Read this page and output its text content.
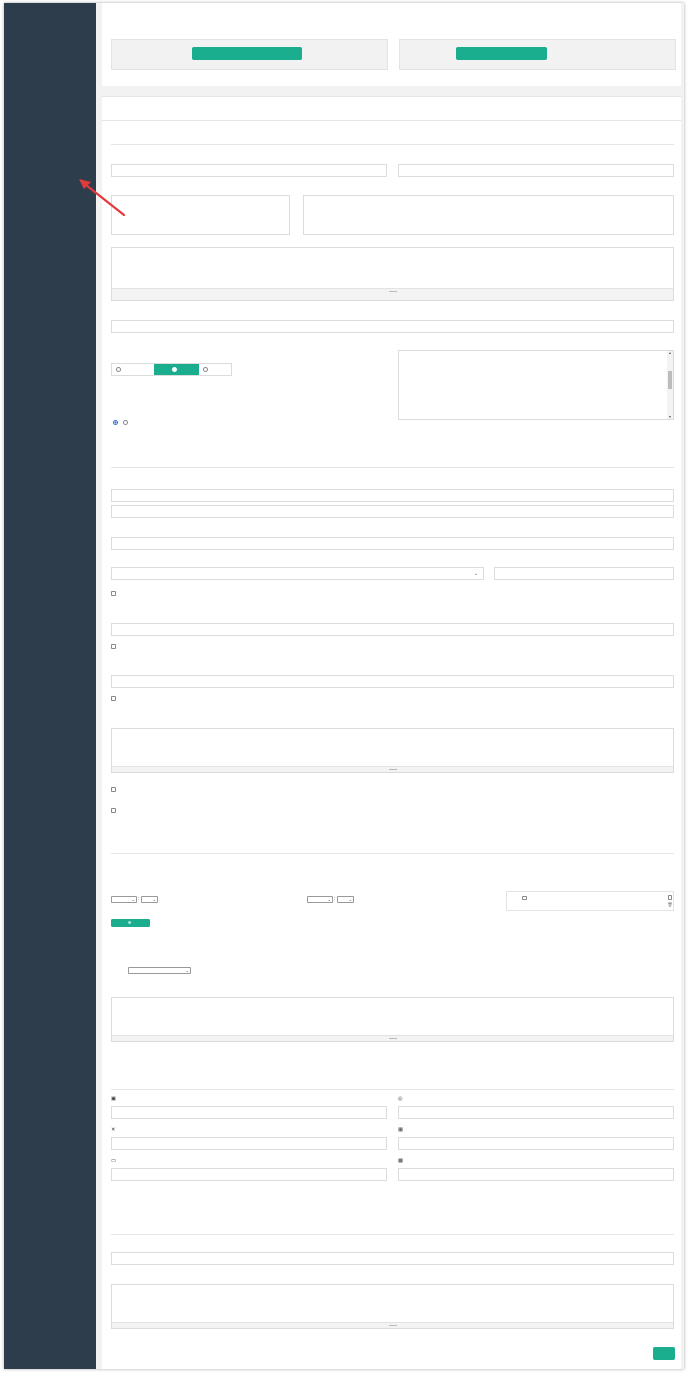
▲
▼
⌄
⌄ :	⌄	⌄ :	⌄
🗑
⊕
⌄
▣	◎
✕	▦
▭	▩
